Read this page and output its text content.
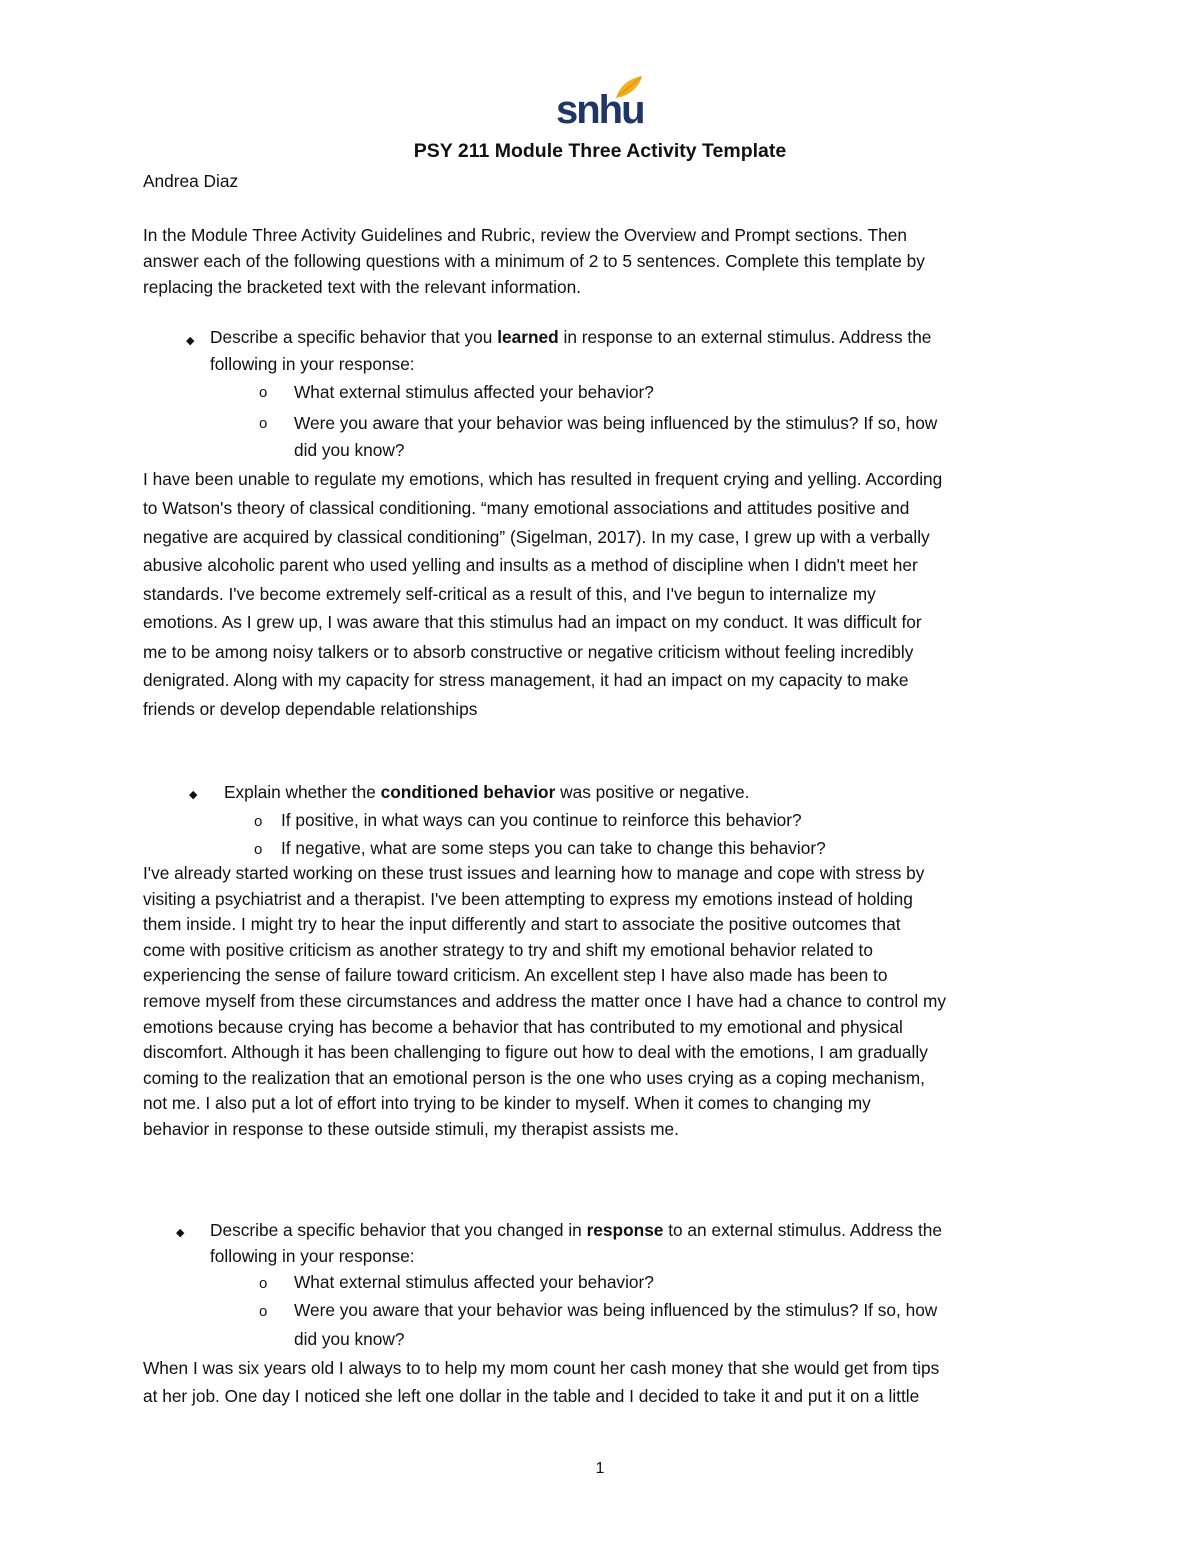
snhu

PSY 211 Module Three Activity Template

Andrea Diaz

In the Module Three Activity Guidelines and Rubric, review the Overview and Prompt sections. Then

answer each of the following questions with a minimum of 2 to 5 sentences. Complete this template by

replacing the bracketed text with the relevant information.

◆ Describe a specific behavior that you learned in response to an external stimulus. Address the

following in your response:

o What external stimulus affected your behavior?

o Were you aware that your behavior was being influenced by the stimulus? If so, how

did you know?

I have been unable to regulate my emotions, which has resulted in frequent crying and yelling. According

to Watson's theory of classical conditioning. “many emotional associations and attitudes positive and

negative are acquired by classical conditioning” (Sigelman, 2017). In my case, I grew up with a verbally

abusive alcoholic parent who used yelling and insults as a method of discipline when I didn't meet her

standards. I've become extremely self-critical as a result of this, and I've begun to internalize my

emotions. As I grew up, I was aware that this stimulus had an impact on my conduct. It was difficult for

me to be among noisy talkers or to absorb constructive or negative criticism without feeling incredibly

denigrated. Along with my capacity for stress management, it had an impact on my capacity to make

friends or develop dependable relationships

◆ Explain whether the conditioned behavior was positive or negative.

o If positive, in what ways can you continue to reinforce this behavior?

o If negative, what are some steps you can take to change this behavior?

I've already started working on these trust issues and learning how to manage and cope with stress by

visiting a psychiatrist and a therapist. I've been attempting to express my emotions instead of holding

them inside. I might try to hear the input differently and start to associate the positive outcomes that

come with positive criticism as another strategy to try and shift my emotional behavior related to

experiencing the sense of failure toward criticism. An excellent step I have also made has been to

remove myself from these circumstances and address the matter once I have had a chance to control my

emotions because crying has become a behavior that has contributed to my emotional and physical

discomfort. Although it has been challenging to figure out how to deal with the emotions, I am gradually

coming to the realization that an emotional person is the one who uses crying as a coping mechanism,

not me. I also put a lot of effort into trying to be kinder to myself. When it comes to changing my

behavior in response to these outside stimuli, my therapist assists me.

◆ Describe a specific behavior that you changed in response to an external stimulus. Address the

following in your response:

o What external stimulus affected your behavior?

o Were you aware that your behavior was being influenced by the stimulus? If so, how

did you know?

When I was six years old I always to to help my mom count her cash money that she would get from tips

at her job. One day I noticed she left one dollar in the table and I decided to take it and put it on a little

1
